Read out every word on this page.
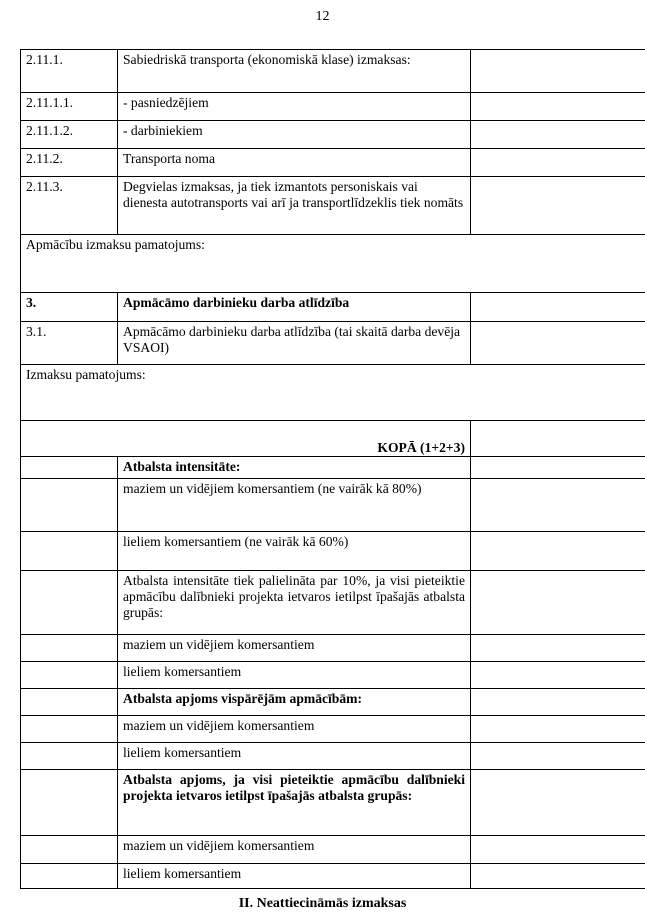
12
2.11.1.	Sabiedriskā transporta (ekonomiskā klase) izmaksas:	
2.11.1.1.	- pasniedzējiem	
2.11.1.2.	- darbiniekiem	
2.11.2.	Transporta noma	
2.11.3.	Degvielas izmaksas, ja tiek izmantots personiskais vai dienesta autotransports vai arī ja transportlīdzeklis tiek nomāts	
Apmācību izmaksu pamatojums:		
3.	Apmācāmo darbinieku darba atlīdzība	
3.1.	Apmācāmo darbinieku darba atlīdzība (tai skaitā darba devēja VSAOI)	
Izmaksu pamatojums:		
KOPĀ (1+2+3)		
	Atbalsta intensitāte:	
	maziem un vidējiem komersantiem (ne vairāk kā 80%)	
	lieliem komersantiem (ne vairāk kā 60%)	
	Atbalsta intensitāte tiek palielināta par 10%, ja visi pieteiktie apmācību dalībnieki projekta ietvaros ietilpst īpašajās atbalsta grupās:	
	maziem un vidējiem komersantiem	
	lieliem komersantiem	
	Atbalsta apjoms vispārējām apmācībām:	
	maziem un vidējiem komersantiem	
	lieliem komersantiem	
	Atbalsta apjoms, ja visi pieteiktie apmācību dalībnieki projekta ietvaros ietilpst īpašajās atbalsta grupās:	
	maziem un vidējiem komersantiem	
	lieliem komersantiem	
II. Neattiecināmās izmaksas
